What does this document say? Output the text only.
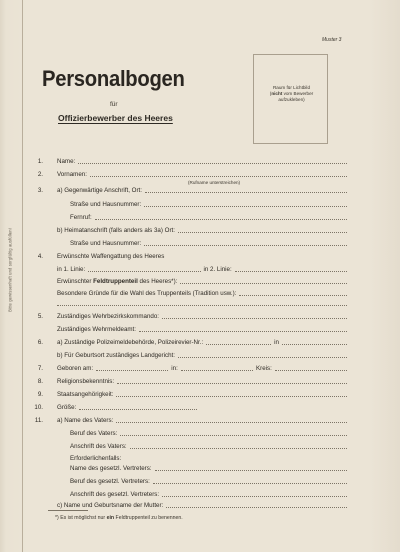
Bitte gewissenhaft und sorgfältig ausfüllen!
Muster 3
Personalbogen
für
Offizierbewerber des Heeres
Raum für Lichtbild
(nicht vom Bewerber
aufzukleben)
1. Name:
2. Vornamen:
(Rufname unterstreichen)
3. a) Gegenwärtige Anschrift, Ort:
Straße und Hausnummer:
Fernruf:
b) Heimatanschrift (falls anders als 3a) Ort:
Straße und Hausnummer:
4. Erwünschte Waffengattung des Heeres
in 1. Linie:	in 2. Linie:
Erwünschter Feldtruppenteil des Heeres*):
Besondere Gründe für die Wahl des Truppenteils (Tradition usw.):
5. Zuständiges Wehrbezirkskommando:
Zuständiges Wehrmeldeamt:
6. a) Zuständige Polizeimeldebehörde, Polizeirevier-Nr.:	in
b) Für Geburtsort zuständiges Landgericht:
7. Geboren am:	in:	Kreis:
8. Religionsbekenntnis:
9. Staatsangehörigkeit:
10. Größe:
11. a) Name des Vaters:
Beruf des Vaters:
Anschrift des Vaters:
Erforderlichenfalls:
Name des gesetzl. Vertreters:
Beruf des gesetzl. Vertreters:
Anschrift des gesetzl. Vertreters:
c) Name und Geburtsname der Mutter:
*) Es ist möglichst nur ein Feldtruppenteil zu benennen.
